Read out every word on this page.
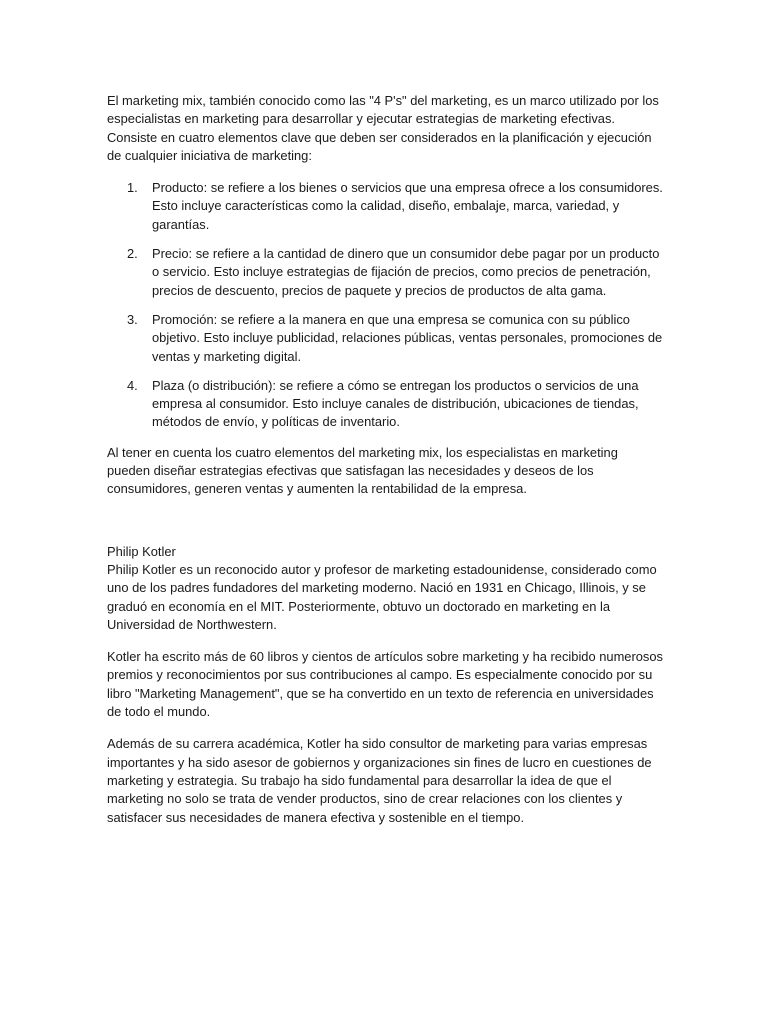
El marketing mix, también conocido como las "4 P's" del marketing, es un marco utilizado por los especialistas en marketing para desarrollar y ejecutar estrategias de marketing efectivas. Consiste en cuatro elementos clave que deben ser considerados en la planificación y ejecución de cualquier iniciativa de marketing:

1. Producto: se refiere a los bienes o servicios que una empresa ofrece a los consumidores. Esto incluye características como la calidad, diseño, embalaje, marca, variedad, y garantías.
2. Precio: se refiere a la cantidad de dinero que un consumidor debe pagar por un producto o servicio. Esto incluye estrategias de fijación de precios, como precios de penetración, precios de descuento, precios de paquete y precios de productos de alta gama.
3. Promoción: se refiere a la manera en que una empresa se comunica con su público objetivo. Esto incluye publicidad, relaciones públicas, ventas personales, promociones de ventas y marketing digital.
4. Plaza (o distribución): se refiere a cómo se entregan los productos o servicios de una empresa al consumidor. Esto incluye canales de distribución, ubicaciones de tiendas, métodos de envío, y políticas de inventario.

Al tener en cuenta los cuatro elementos del marketing mix, los especialistas en marketing pueden diseñar estrategias efectivas que satisfagan las necesidades y deseos de los consumidores, generen ventas y aumenten la rentabilidad de la empresa.

Philip Kotler

Philip Kotler es un reconocido autor y profesor de marketing estadounidense, considerado como uno de los padres fundadores del marketing moderno. Nació en 1931 en Chicago, Illinois, y se graduó en economía en el MIT. Posteriormente, obtuvo un doctorado en marketing en la Universidad de Northwestern.

Kotler ha escrito más de 60 libros y cientos de artículos sobre marketing y ha recibido numerosos premios y reconocimientos por sus contribuciones al campo. Es especialmente conocido por su libro "Marketing Management", que se ha convertido en un texto de referencia en universidades de todo el mundo.

Además de su carrera académica, Kotler ha sido consultor de marketing para varias empresas importantes y ha sido asesor de gobiernos y organizaciones sin fines de lucro en cuestiones de marketing y estrategia. Su trabajo ha sido fundamental para desarrollar la idea de que el marketing no solo se trata de vender productos, sino de crear relaciones con los clientes y satisfacer sus necesidades de manera efectiva y sostenible en el tiempo.
